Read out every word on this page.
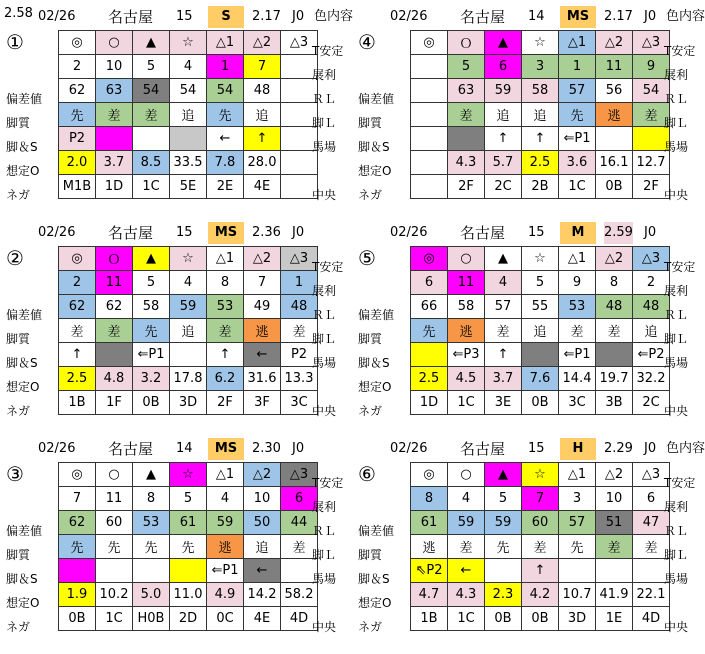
2.58 02/26 名古屋 15	S	2.17 J0 色内容
①	◎	○	▲	☆	△1	△2	△3
2	10	5	4	1	7	
62	63	54	54	54	48	
先	差	差	追	先	追	
P2				←	↑	
2.0	3.7	8.5	33.5	7.8	28.0	
M1B	1D	1C	5E	2E	4E	
偏差値
脚質
脚＆S
想定O
ネガ
T安定
展利
ＲＬ
脚Ｌ
馬場
中央
02/26 名古屋 14	MS	2.17 J0 色内容
④	◎	Ｏ	▲	☆	△1	△2	△3
	5	6	3	1	11	9
	63	59	58	57	56	54
	差	追	追	先	逃	差
		↑	↑	⇐P1		
	4.3	5.7	2.5	3.6	16.1	12.7
	2F	2C	2B	1C	0B	2F
偏差値
脚質
脚＆S
想定O
ネガ
T安定
展利
ＲＬ
脚Ｌ
馬場
中央
02/26 名古屋 15	MS	2.36 J0
②	◎	Ｏ	▲	☆	△1	△2	△3
2	11	5	4	8	7	1
62	62	58	59	53	49	48
差	差	先	追	差	逃	差
↑		⇐P1		↑	←	P2
2.5	4.8	3.2	17.8	6.2	31.6	13.3
1B	1F	0B	3D	2F	3F	3C
偏差値
脚質
脚＆S
想定O
ネガ
T安定
展利
ＲＬ
脚Ｌ
馬場
中央
02/26 名古屋 15	M	2.59 J0
⑤	◎	○	▲	☆	△1	△2	△3
6	11	4	5	9	8	2
66	58	57	55	53	48	48
先	逃	差	追	差	差	追
	⇐P3	↑		⇐P1		⇐P2
2.5	4.5	3.7	7.6	14.4	19.7	32.2
1D	1C	3E	0B	3C	3B	2C
偏差値
脚質
脚＆S
想定O
ネガ
T安定
展利
ＲＬ
脚Ｌ
馬場
中央
02/26 名古屋 14	MS	2.30 J0
③	◎	○	▲	☆	△1	△2	△3
7	11	8	5	4	10	6
62	60	53	61	59	50	44
先	先	先	先	逃	追	差
				⇐P1	←	
1.9	10.2	5.0	11.0	4.9	14.2	58.2
0B	1C	H0B	2D	0C	4E	4D
偏差値
脚質
脚＆S
想定O
ネガ
T安定
展利
ＲＬ
脚Ｌ
馬場
中央
02/26 名古屋 15	H	2.29 J0 色内容
⑥	◎	○	▲	☆	△1	△2	△3
8	4	5	7	3	10	6
61	59	59	60	57	51	47
逃	差	先	差	先	差	差
⇖P2	←		↑			
4.7	4.3	2.3	4.2	10.7	41.9	22.1
1B	1C	0B	0B	3D	1E	4D
偏差値
脚質
脚＆S
想定O
ネガ
T安定
展利
ＲＬ
脚Ｌ
馬場
中央
